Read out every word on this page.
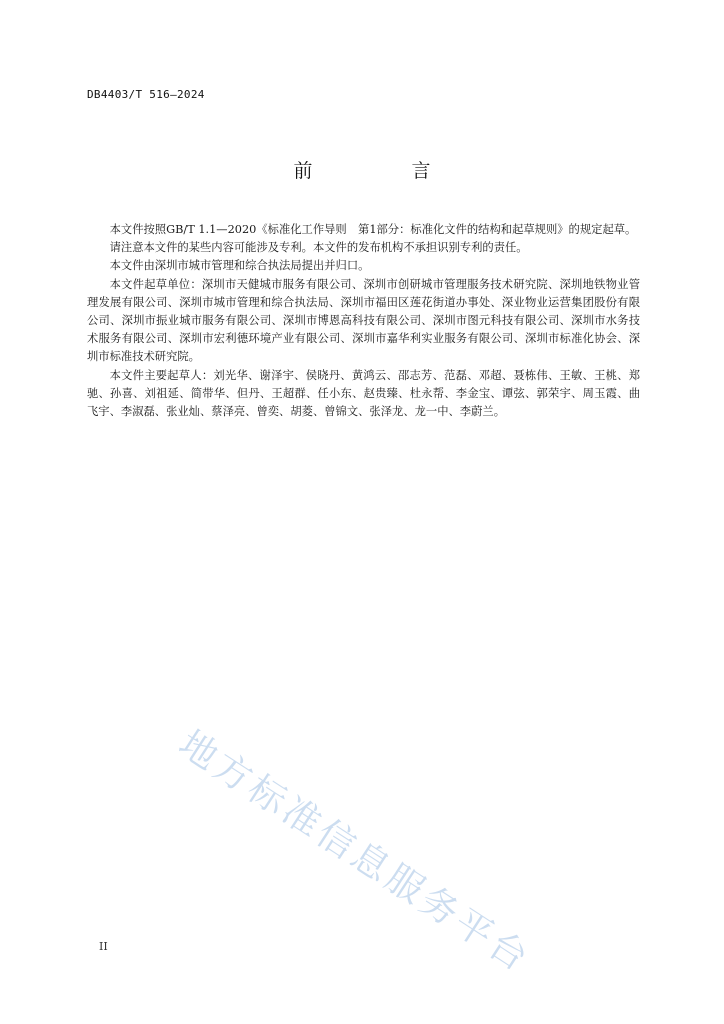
DB4403/T 516—2024
前　言

本文件按照GB/T 1.1—2020《标准化工作导则　第1部分：标准化文件的结构和起草规则》的规定起草。

请注意本文件的某些内容可能涉及专利。本文件的发布机构不承担识别专利的责任。

本文件由深圳市城市管理和综合执法局提出并归口。

本文件起草单位：深圳市天健城市服务有限公司、深圳市创研城市管理服务技术研究院、深圳地铁物业管理发展有限公司、深圳市城市管理和综合执法局、深圳市福田区莲花街道办事处、深业物业运营集团股份有限公司、深圳市振业城市服务有限公司、深圳市博恩高科技有限公司、深圳市图元科技有限公司、深圳市水务技术服务有限公司、深圳市宏利德环境产业有限公司、深圳市嘉华利实业服务有限公司、深圳市标准化协会、深圳市标准技术研究院。

本文件主要起草人：刘光华、谢泽宇、侯晓丹、黄鸿云、邵志芳、范磊、邓超、聂栋伟、王敏、王桃、郑驰、孙喜、刘祖延、简带华、但丹、王超群、任小东、赵贵臻、杜永帮、李金宝、谭弦、郭荣宇、周玉霞、曲飞宇、李淑磊、张业灿、蔡泽亮、曾奕、胡菱、曾锦文、张泽龙、龙一中、李蔚兰。

地方标准信息服务平台
II
